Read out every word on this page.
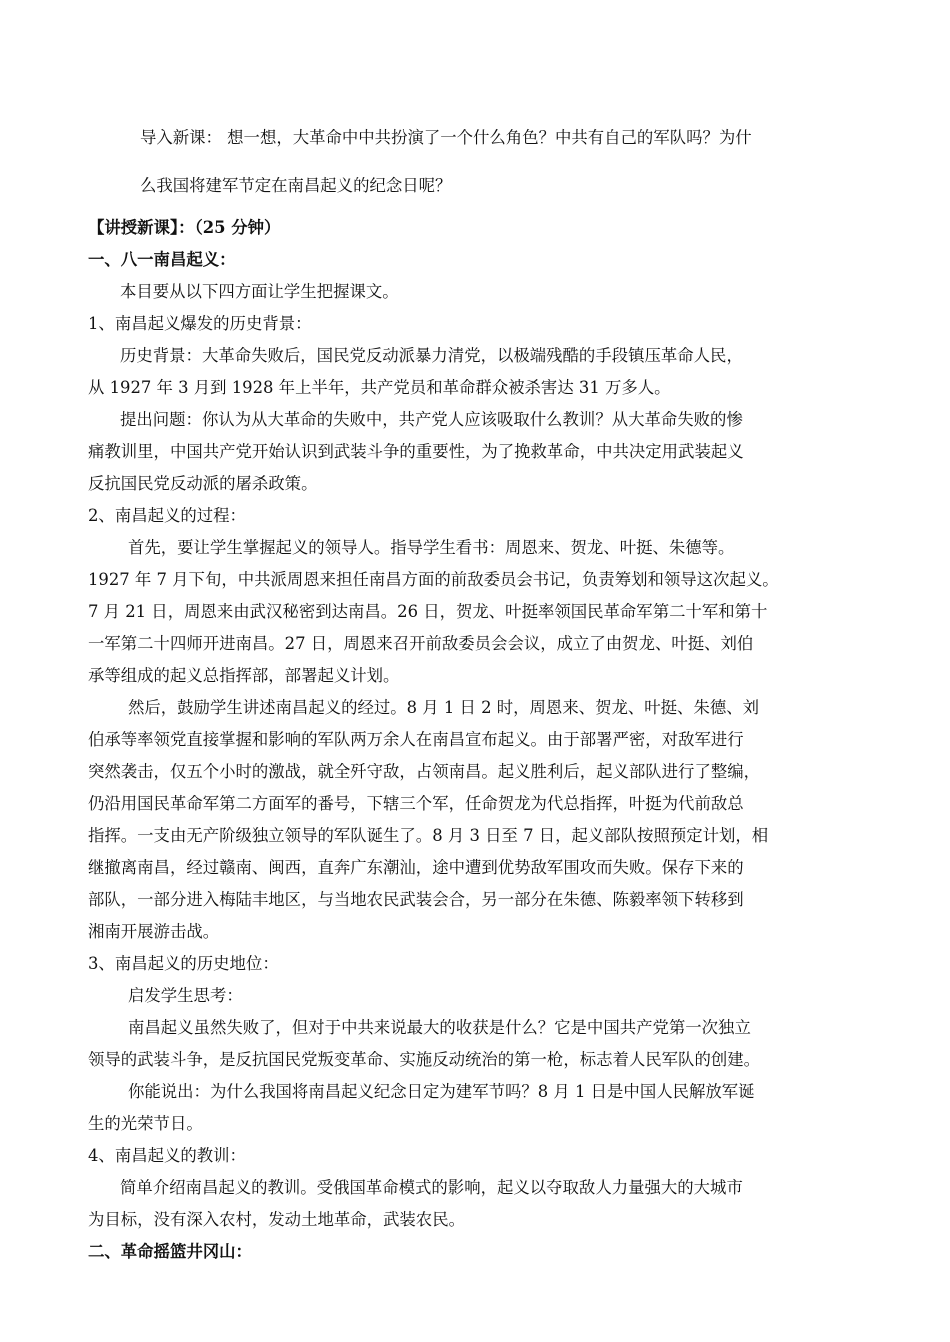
导入新课： 想一想，大革命中中共扮演了一个什么角色？中共有自己的军队吗？为什
么我国将建军节定在南昌起义的纪念日呢？
【讲授新课】：（25 分钟）
一、八一南昌起义：
本目要从以下四方面让学生把握课文。
1、南昌起义爆发的历史背景：
历史背景：大革命失败后，国民党反动派暴力清党，以极端残酷的手段镇压革命人民，
从 1927 年 3 月到 1928 年上半年，共产党员和革命群众被杀害达 31 万多人。
提出问题：你认为从大革命的失败中，共产党人应该吸取什么教训？从大革命失败的惨
痛教训里，中国共产党开始认识到武装斗争的重要性，为了挽救革命，中共决定用武装起义
反抗国民党反动派的屠杀政策。
2、南昌起义的过程：
首先，要让学生掌握起义的领导人。指导学生看书：周恩来、贺龙、叶挺、朱德等。
1927 年 7 月下旬，中共派周恩来担任南昌方面的前敌委员会书记，负责筹划和领导这次起义。
7 月 21 日，周恩来由武汉秘密到达南昌。26 日，贺龙、叶挺率领国民革命军第二十军和第十
一军第二十四师开进南昌。27 日，周恩来召开前敌委员会会议，成立了由贺龙、叶挺、刘伯
承等组成的起义总指挥部，部署起义计划。
然后，鼓励学生讲述南昌起义的经过。8 月 1 日 2 时，周恩来、贺龙、叶挺、朱德、刘
伯承等率领党直接掌握和影响的军队两万余人在南昌宣布起义。由于部署严密，对敌军进行
突然袭击，仅五个小时的激战，就全歼守敌，占领南昌。起义胜利后，起义部队进行了整编，
仍沿用国民革命军第二方面军的番号，下辖三个军，任命贺龙为代总指挥，叶挺为代前敌总
指挥。一支由无产阶级独立领导的军队诞生了。8 月 3 日至 7 日，起义部队按照预定计划，相
继撤离南昌，经过赣南、闽西，直奔广东潮汕，途中遭到优势敌军围攻而失败。保存下来的
部队，一部分进入梅陆丰地区，与当地农民武装会合，另一部分在朱德、陈毅率领下转移到
湘南开展游击战。
3、南昌起义的历史地位：
启发学生思考：
南昌起义虽然失败了，但对于中共来说最大的收获是什么？它是中国共产党第一次独立
领导的武装斗争，是反抗国民党叛变革命、实施反动统治的第一枪，标志着人民军队的创建。
你能说出：为什么我国将南昌起义纪念日定为建军节吗？8 月 1 日是中国人民解放军诞
生的光荣节日。
4、南昌起义的教训：
简单介绍南昌起义的教训。受俄国革命模式的影响，起义以夺取敌人力量强大的大城市
为目标，没有深入农村，发动土地革命，武装农民。
二、革命摇篮井冈山：
